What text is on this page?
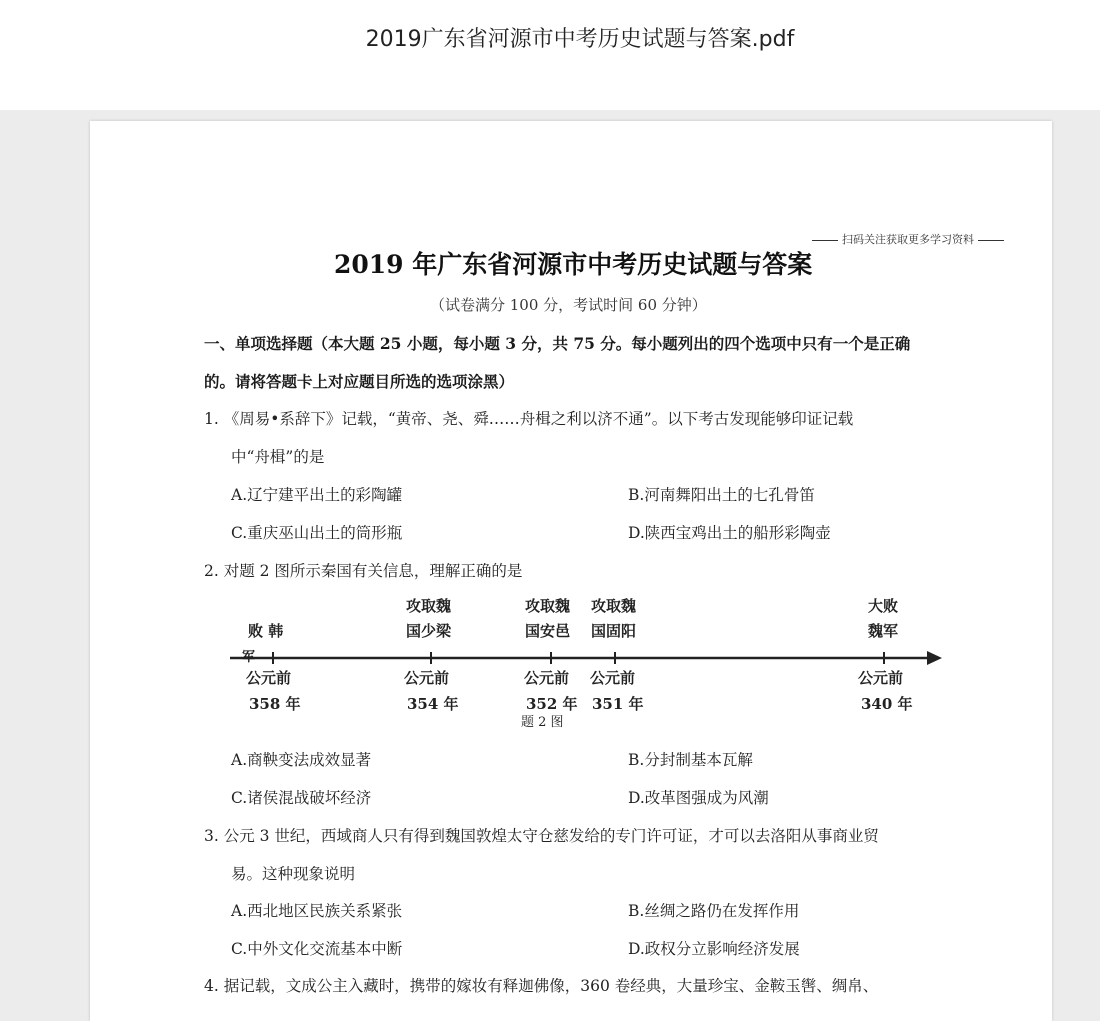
2019广东省河源市中考历史试题与答案.pdf
扫码关注获取更多学习资料
2019 年广东省河源市中考历史试题与答案
（试卷满分 100 分，考试时间 60 分钟）
一、单项选择题（本大题 25 小题，每小题 3 分，共 75 分。每小题列出的四个选项中只有一个是正确
的。请将答题卡上对应题目所选的选项涂黑）
1. 《周易•系辞下》记载，“黄帝、尧、舜……舟楫之利以济不通”。以下考古发现能够印证记载
中“舟楫”的是
A.辽宁建平出土的彩陶罐	B.河南舞阳出土的七孔骨笛
C.重庆巫山出土的筒形瓶	D.陕西宝鸡出土的船形彩陶壶
2. 对题 2 图所示秦国有关信息，理解正确的是
败 韩
军
公元前
358 年
攻取魏
国少梁
公元前
354 年
攻取魏
国安邑
公元前
352 年
攻取魏
国固阳
公元前
351 年
大败
魏军
公元前
340 年
题 2 图
A.商鞅变法成效显著	B.分封制基本瓦解
C.诸侯混战破坏经济	D.改革图强成为风潮
3. 公元 3 世纪，西域商人只有得到魏国敦煌太守仓慈发给的专门许可证，才可以去洛阳从事商业贸
易。这种现象说明
A.西北地区民族关系紧张	B.丝绸之路仍在发挥作用
C.中外文化交流基本中断	D.政权分立影响经济发展
4. 据记载，文成公主入藏时，携带的嫁妆有释迦佛像，360 卷经典，大量珍宝、金鞍玉辔、绸帛、
